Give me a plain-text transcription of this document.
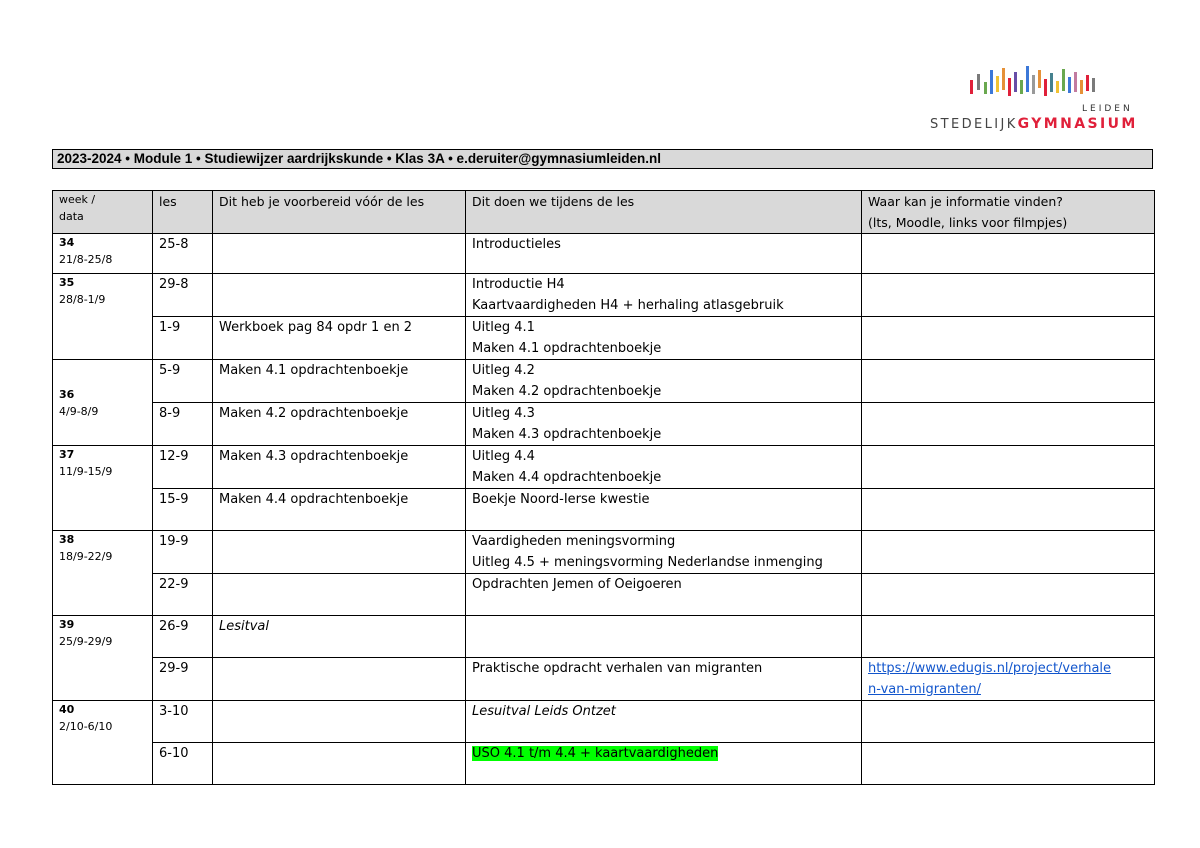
LEIDEN
STEDELIJKGYMNASIUM
2023-2024 • Module 1 • Studiewijzer aardrijkskunde • Klas 3A • e.deruiter@gymnasiumleiden.nl
week /
data	les	Dit heb je voorbereid vóór de les	Dit doen we tijdens de les	Waar kan je informatie vinden?
(lts, Moodle, links voor filmpjes)

34
21/8-25/8	25-8		Introductieles	

35
28/8-1/9	29-8		Introductie H4
Kaartvaardigheden H4 + herhaling atlasgebruik	
	1-9	Werkboek pag 84 opdr 1 en 2	Uitleg 4.1
Maken 4.1 opdrachtenboekje	

36
4/9-8/9	5-9	Maken 4.1 opdrachtenboekje	Uitleg 4.2
Maken 4.2 opdrachtenboekje	
	8-9	Maken 4.2 opdrachtenboekje	Uitleg 4.3
Maken 4.3 opdrachtenboekje	

37
11/9-15/9	12-9	Maken 4.3 opdrachtenboekje	Uitleg 4.4
Maken 4.4 opdrachtenboekje	
	15-9	Maken 4.4 opdrachtenboekje	Boekje Noord-Ierse kwestie	

38
18/9-22/9	19-9		Vaardigheden meningsvorming
Uitleg 4.5 + meningsvorming Nederlandse inmenging	
	22-9		Opdrachten Jemen of Oeigoeren	

39
25/9-29/9	26-9	Lesitval		
	29-9		Praktische opdracht verhalen van migranten	https://www.edugis.nl/project/verhale
n-van-migranten/

40
2/10-6/10	3-10		Lesuitval Leids Ontzet	
	6-10		USO 4.1 t/m 4.4 + kaartvaardigheden	
